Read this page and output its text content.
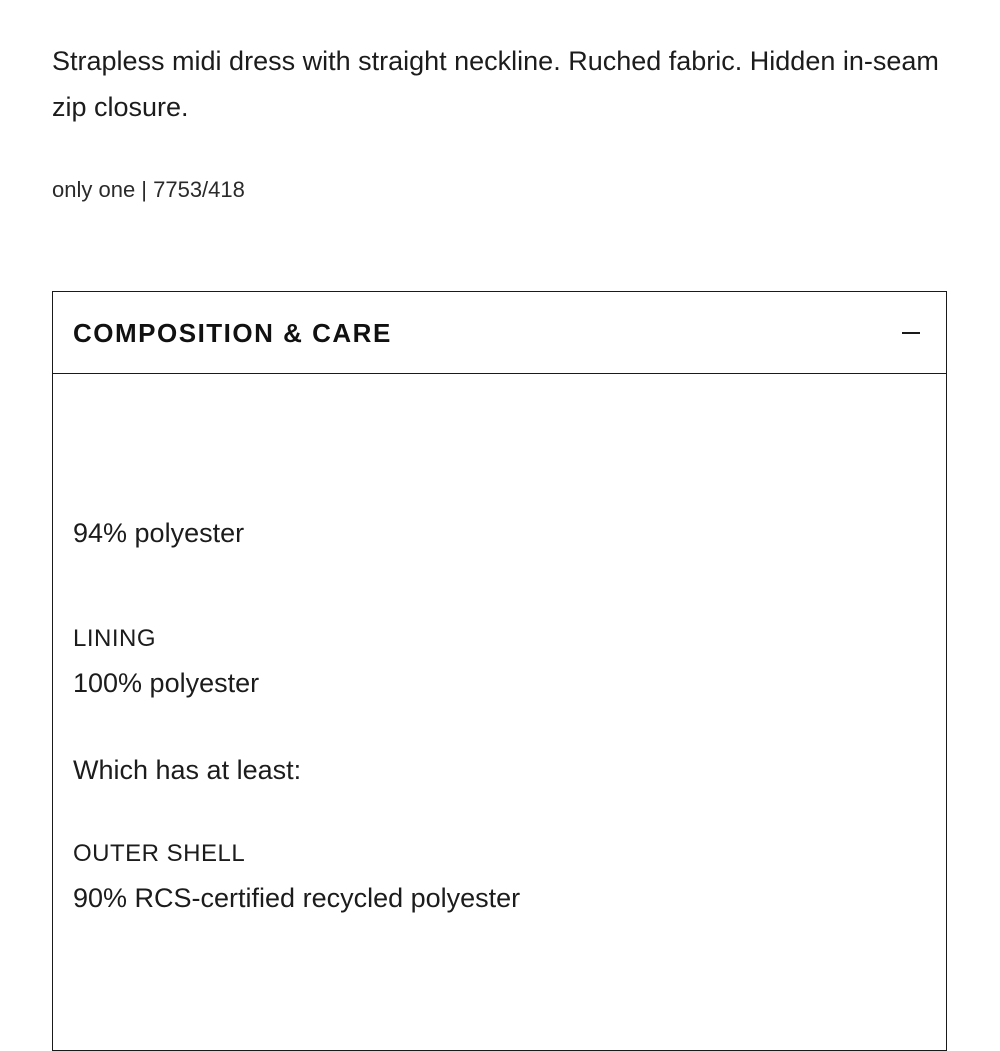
Strapless midi dress with straight neckline. Ruched fabric. Hidden in-seam zip closure.

only one | 7753/418

COMPOSITION & CARE

94% polyester

LINING

100% polyester

Which has at least:

OUTER SHELL

90% RCS-certified recycled polyester
